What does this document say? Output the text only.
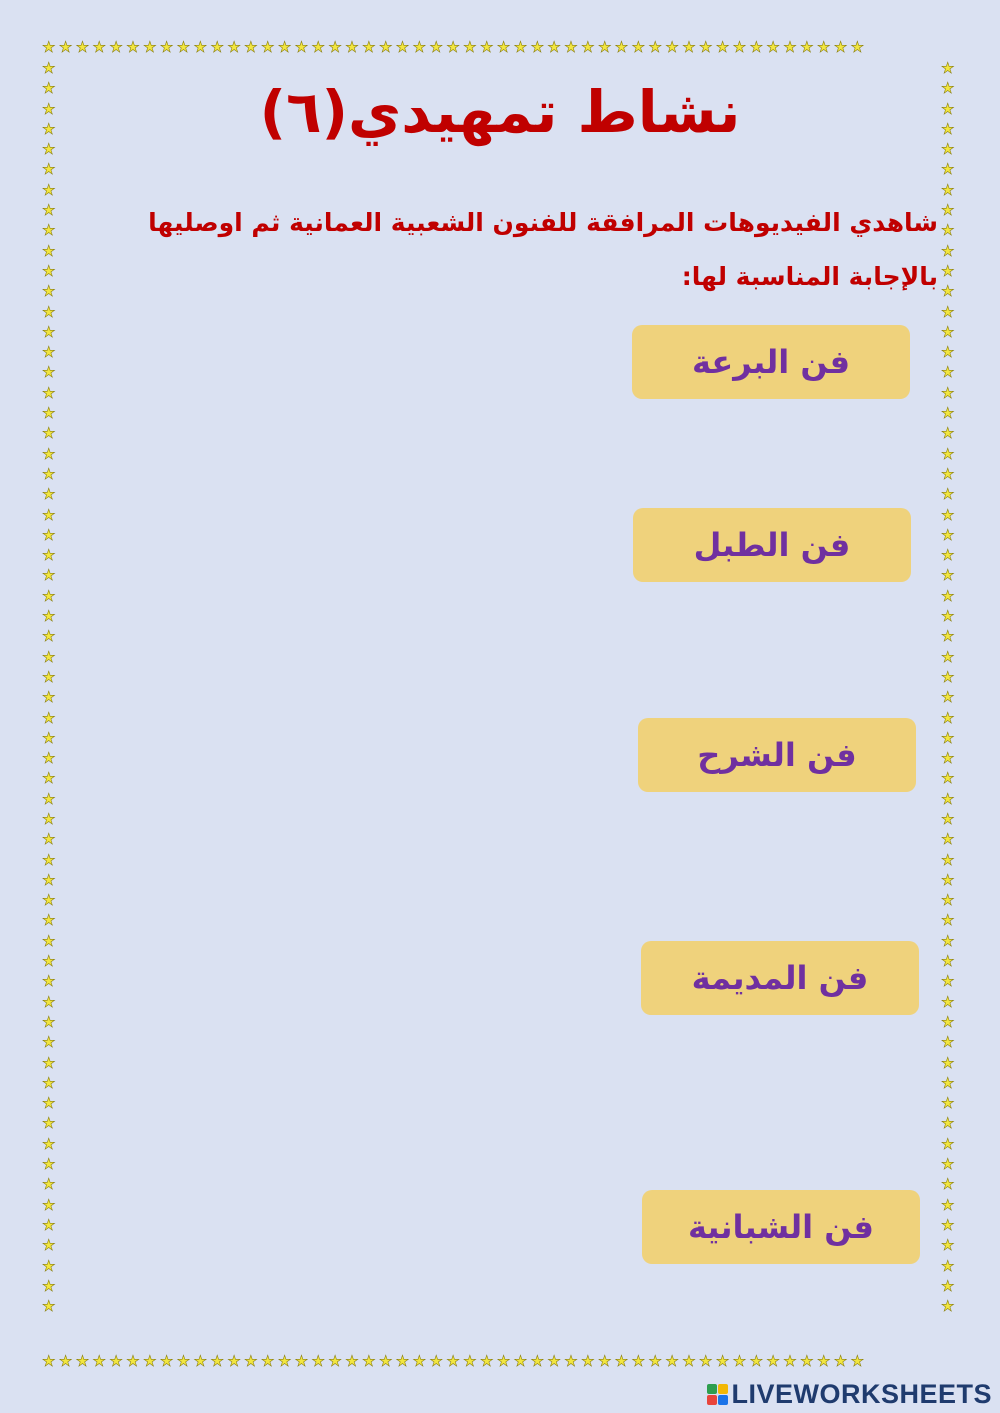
★★★★★★★★★★★★★★★★★★★★★★★★★★★★★★★★★★★★★★★★★★★★★★★★★
★★★★★★★★★★★★★★★★★★★★★★★★★★★★★★★★★★★★★★★★★★★★★★★★★
★★★★★★★★★★★★★★★★★★★★★★★★★★★★★★★★★★★★★★★★★★★★★★★★★★★★★★★★★★★★★★
★★★★★★★★★★★★★★★★★★★★★★★★★★★★★★★★★★★★★★★★★★★★★★★★★★★★★★★★★★★★★★
نشاط تمهيدي(٦)
شاهدي الفيديوهات المرافقة للفنون الشعبية العمانية ثم اوصليها بالإجابة المناسبة لها:
فن البرعة
فن الطبل
فن الشرح
فن المديمة
فن الشبانية
LIVEWORKSHEETS
